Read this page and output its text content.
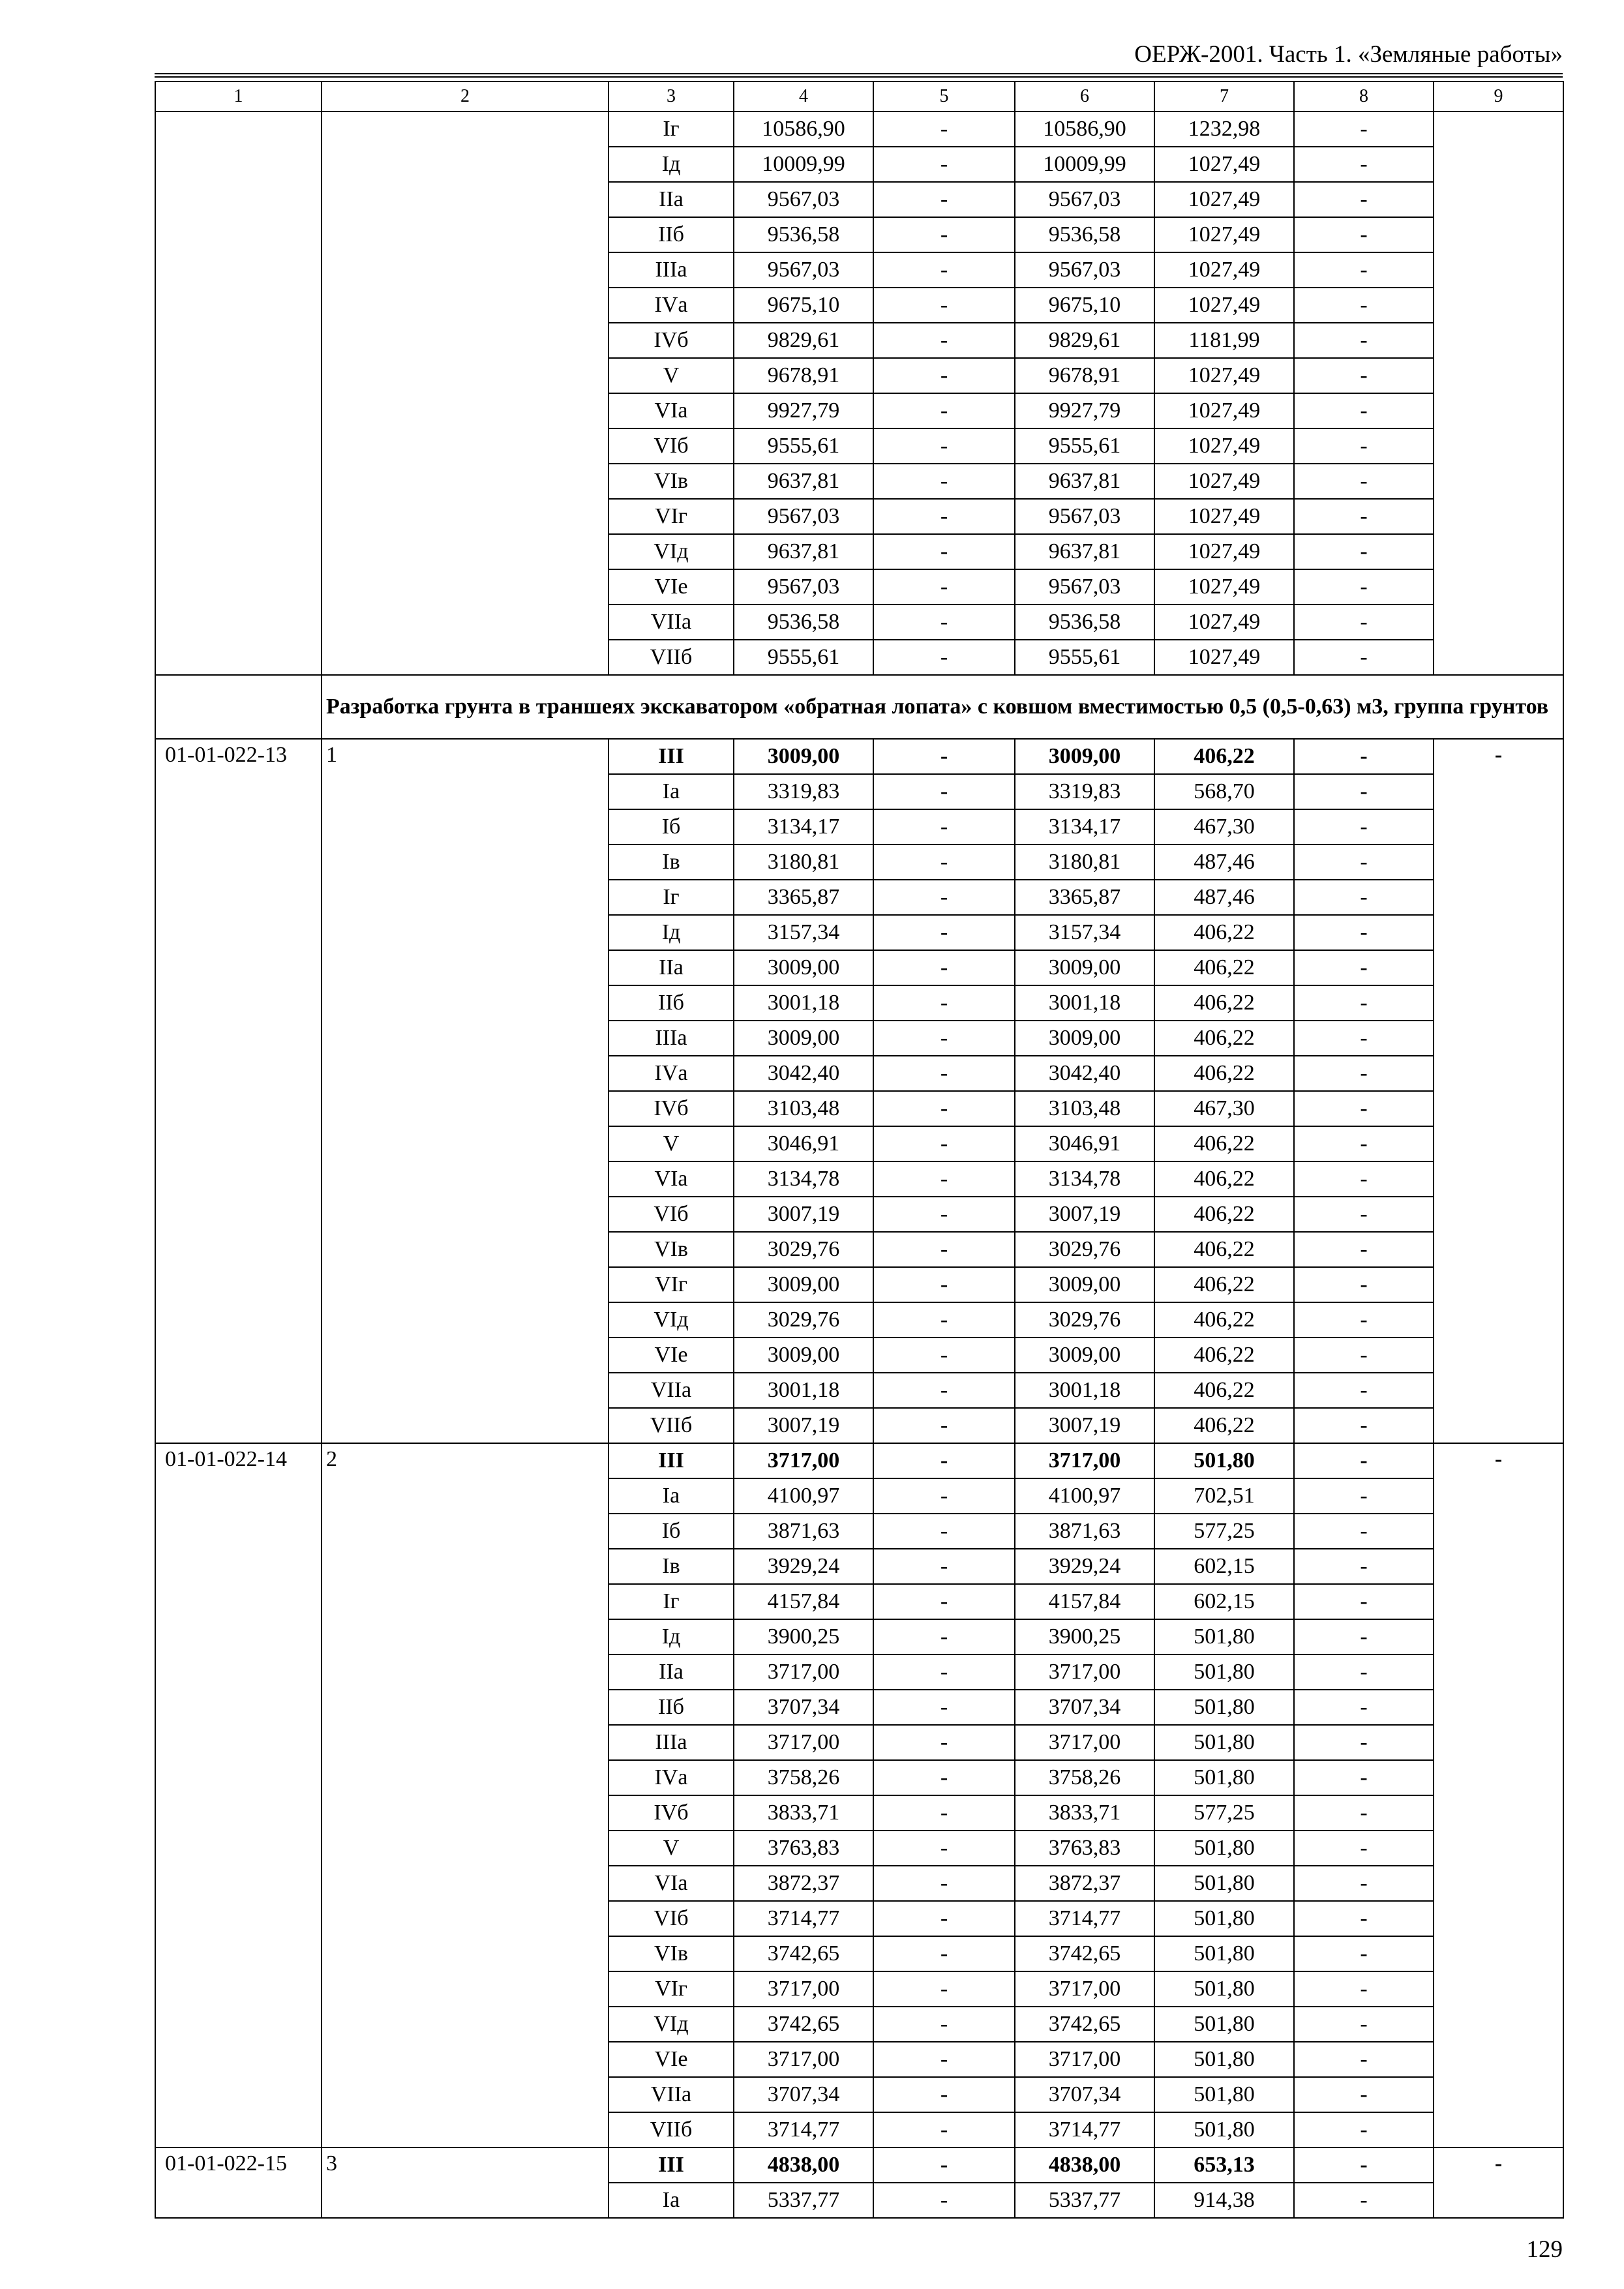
ОЕРЖ-2001. Часть 1. «Земляные работы»
1	2	3	4	5	6	7	8	9
		Iг	10586,90	-	10586,90	1232,98	-	
		Iд	10009,99	-	10009,99	1027,49	-	
		IIа	9567,03	-	9567,03	1027,49	-	
		IIб	9536,58	-	9536,58	1027,49	-	
		IIIа	9567,03	-	9567,03	1027,49	-	
		IVа	9675,10	-	9675,10	1027,49	-	
		IVб	9829,61	-	9829,61	1181,99	-	
		V	9678,91	-	9678,91	1027,49	-	
		VIа	9927,79	-	9927,79	1027,49	-	
		VIб	9555,61	-	9555,61	1027,49	-	
		VIв	9637,81	-	9637,81	1027,49	-	
		VIг	9567,03	-	9567,03	1027,49	-	
		VIд	9637,81	-	9637,81	1027,49	-	
		VIе	9567,03	-	9567,03	1027,49	-	
		VIIа	9536,58	-	9536,58	1027,49	-	
		VIIб	9555,61	-	9555,61	1027,49	-	
	Разработка грунта в траншеях экскаватором «обратная лопата» с ковшом вместимостью 0,5 (0,5-0,63) м3, группа грунтов							
01-01-022-13	1	III	3009,00	-	3009,00	406,22	-	-
		Iа	3319,83	-	3319,83	568,70	-	
		Iб	3134,17	-	3134,17	467,30	-	
		Iв	3180,81	-	3180,81	487,46	-	
		Iг	3365,87	-	3365,87	487,46	-	
		Iд	3157,34	-	3157,34	406,22	-	
		IIа	3009,00	-	3009,00	406,22	-	
		IIб	3001,18	-	3001,18	406,22	-	
		IIIа	3009,00	-	3009,00	406,22	-	
		IVа	3042,40	-	3042,40	406,22	-	
		IVб	3103,48	-	3103,48	467,30	-	
		V	3046,91	-	3046,91	406,22	-	
		VIа	3134,78	-	3134,78	406,22	-	
		VIб	3007,19	-	3007,19	406,22	-	
		VIв	3029,76	-	3029,76	406,22	-	
		VIг	3009,00	-	3009,00	406,22	-	
		VIд	3029,76	-	3029,76	406,22	-	
		VIе	3009,00	-	3009,00	406,22	-	
		VIIа	3001,18	-	3001,18	406,22	-	
		VIIб	3007,19	-	3007,19	406,22	-	
01-01-022-14	2	III	3717,00	-	3717,00	501,80	-	-
		Iа	4100,97	-	4100,97	702,51	-	
		Iб	3871,63	-	3871,63	577,25	-	
		Iв	3929,24	-	3929,24	602,15	-	
		Iг	4157,84	-	4157,84	602,15	-	
		Iд	3900,25	-	3900,25	501,80	-	
		IIа	3717,00	-	3717,00	501,80	-	
		IIб	3707,34	-	3707,34	501,80	-	
		IIIа	3717,00	-	3717,00	501,80	-	
		IVа	3758,26	-	3758,26	501,80	-	
		IVб	3833,71	-	3833,71	577,25	-	
		V	3763,83	-	3763,83	501,80	-	
		VIа	3872,37	-	3872,37	501,80	-	
		VIб	3714,77	-	3714,77	501,80	-	
		VIв	3742,65	-	3742,65	501,80	-	
		VIг	3717,00	-	3717,00	501,80	-	
		VIд	3742,65	-	3742,65	501,80	-	
		VIе	3717,00	-	3717,00	501,80	-	
		VIIа	3707,34	-	3707,34	501,80	-	
		VIIб	3714,77	-	3714,77	501,80	-	
01-01-022-15	3	III	4838,00	-	4838,00	653,13	-	-
		Iа	5337,77	-	5337,77	914,38	-	
129
